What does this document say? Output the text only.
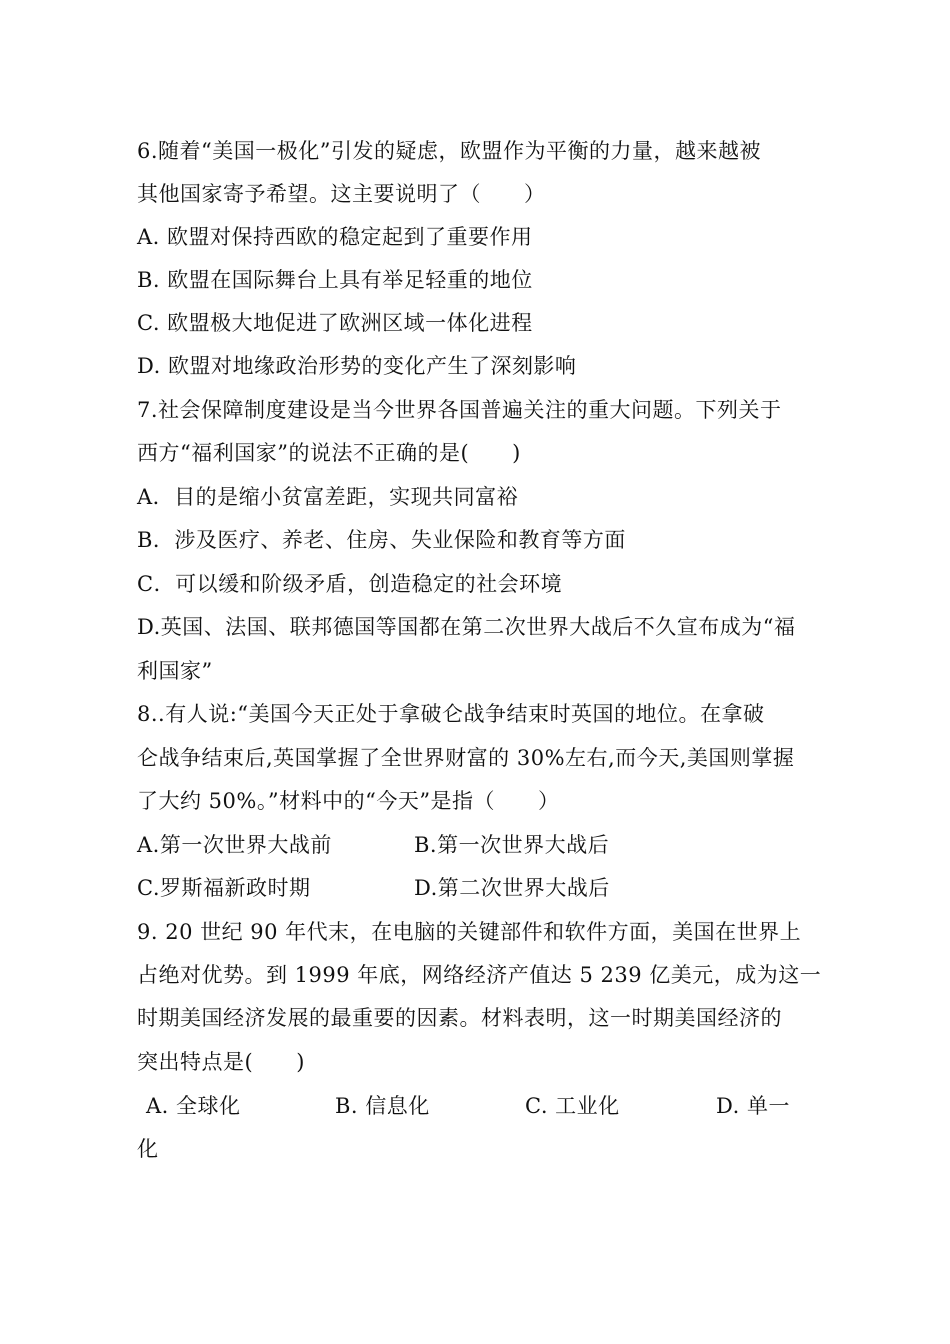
6.随着“美国一极化”引发的疑虑，欧盟作为平衡的力量，越来越被
其他国家寄予希望。这主要说明了（　　）
A. 欧盟对保持西欧的稳定起到了重要作用
B. 欧盟在国际舞台上具有举足轻重的地位
C. 欧盟极大地促进了欧洲区域一体化进程
D. 欧盟对地缘政治形势的变化产生了深刻影响
7.社会保障制度建设是当今世界各国普遍关注的重大问题。下列关于
西方“福利国家”的说法不正确的是(　　)
A．目的是缩小贫富差距，实现共同富裕
B．涉及医疗、养老、住房、失业保险和教育等方面
C．可以缓和阶级矛盾，创造稳定的社会环境
D.英国、法国、联邦德国等国都在第二次世界大战后不久宣布成为“福
利国家”
8..有人说:“美国今天正处于拿破仑战争结束时英国的地位。在拿破
仑战争结束后,英国掌握了全世界财富的 30%左右,而今天,美国则掌握
了大约 50%。”材料中的“今天”是指（　　）
A.第一次世界大战前	B.第一次世界大战后
C.罗斯福新政时期	D.第二次世界大战后
9. 20 世纪 90 年代末，在电脑的关键部件和软件方面，美国在世界上
占绝对优势。到 1999 年底，网络经济产值达 5 239 亿美元，成为这一
时期美国经济发展的最重要的因素。材料表明，这一时期美国经济的
突出特点是(　　)
A. 全球化	B. 信息化	C. 工业化	D. 单一
化
